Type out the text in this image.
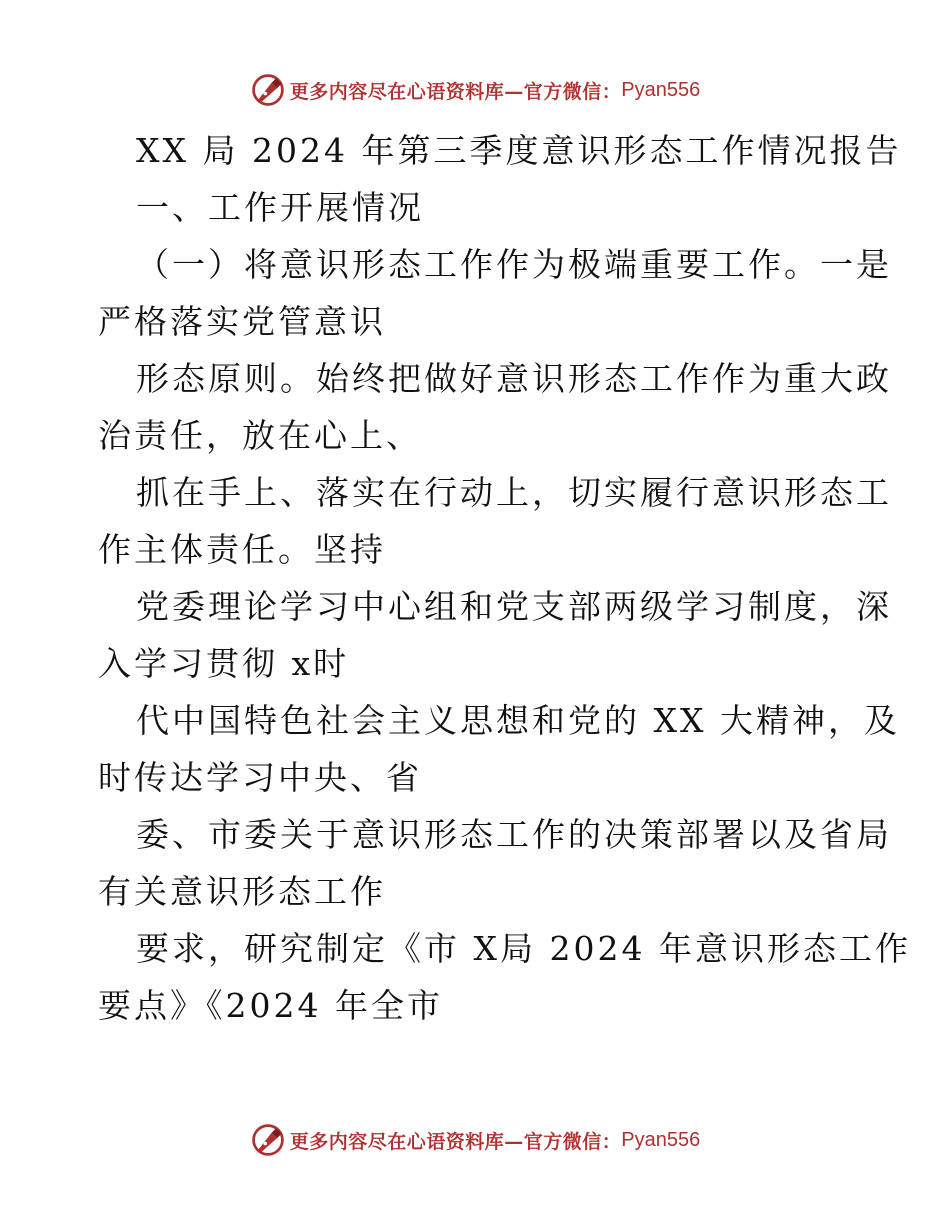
更多内容尽在心语资料库—官方微信： Pyan556
XX 局 2024 年第三季度意识形态工作情况报告
一、工作开展情况
（一）将意识形态工作作为极端重要工作。一是
严格落实党管意识
形态原则。始终把做好意识形态工作作为重大政
治责任，放在心上、
抓在手上、落实在行动上，切实履行意识形态工
作主体责任。坚持
党委理论学习中心组和党支部两级学习制度，深
入学习贯彻 x时
代中国特色社会主义思想和党的 XX 大精神，及
时传达学习中央、省
委、市委关于意识形态工作的决策部署以及省局
有关意识形态工作
要求，研究制定《市 X局 2024 年意识形态工作
要点》《2024 年全市
更多内容尽在心语资料库—官方微信： Pyan556
